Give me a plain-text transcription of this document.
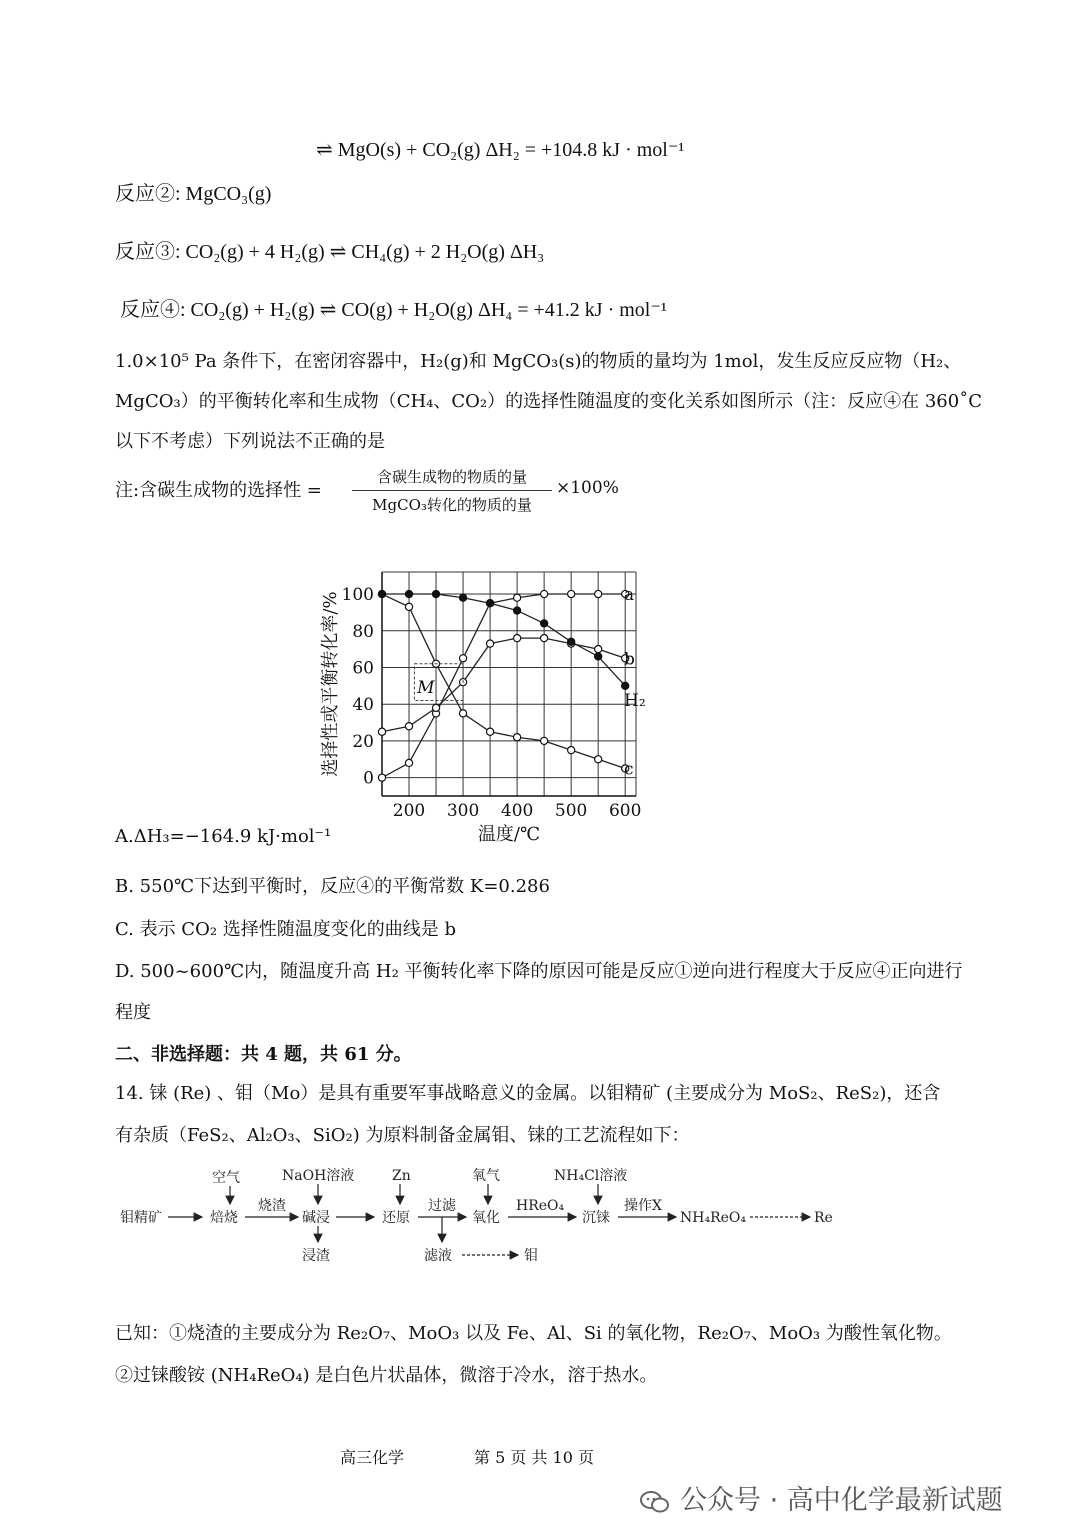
⇌ MgO(s) + CO₂(g) ΔH₂ = +104.8 kJ · mol⁻¹
反应②: MgCO₃(g)
反应③: CO₂(g) + 4 H₂(g) ⇌ CH₄(g) + 2 H₂O(g) ΔH₃
反应④: CO₂(g) + H₂(g) ⇌ CO(g) + H₂O(g) ΔH₄ = +41.2 kJ · mol⁻¹
1.0×10⁵ Pa 条件下，在密闭容器中，H₂(g)和 MgCO₃(s)的物质的量均为 1mol，发生反应反应物（H₂、
MgCO₃）的平衡转化率和生成物（CH₄、CO₂）的选择性随温度的变化关系如图所示（注：反应④在 360˚C
以下不考虑）下列说法不正确的是
注:含碳生成物的选择性 =
含碳生成物的物质的量
MgCO₃转化的物质的量
×100%
a
b
c
H₂
0
20
40
60
80
100
200 300 400 500 600
温度/℃
选择性或平衡转化率/%	M
A.ΔH₃=−164.9 kJ·mol⁻¹
B. 550℃下达到平衡时，反应④的平衡常数 K=0.286
C. 表示 CO₂ 选择性随温度变化的曲线是 b
D. 500~600℃内，随温度升高 H₂ 平衡转化率下降的原因可能是反应①逆向进行程度大于反应④正向进行
程度
二、非选择题：共 4 题，共 61 分。
14. 铼 (Re) 、钼（Mo）是具有重要军事战略意义的金属。以钼精矿 (主要成分为 MoS₂、ReS₂)，还含
有杂质（FeS₂、Al₂O₃、SiO₂) 为原料制备金属钼、铼的工艺流程如下：
钼精矿
空气
焙烧
烧渣
NaOH溶液
碱浸
浸渣
Zn
还原
过滤
滤液	钼
氧气
氧化
HReO₄
NH₄Cl溶液
沉铼
操作X
NH₄ReO₄	Re
已知：①烧渣的主要成分为 Re₂O₇、MoO₃ 以及 Fe、Al、Si 的氧化物，Re₂O₇、MoO₃ 为酸性氧化物。
②过铼酸铵 (NH₄ReO₄) 是白色片状晶体，微溶于冷水，溶于热水。
高三化学	第 5 页 共 10 页
公众号 · 高中化学最新试题
